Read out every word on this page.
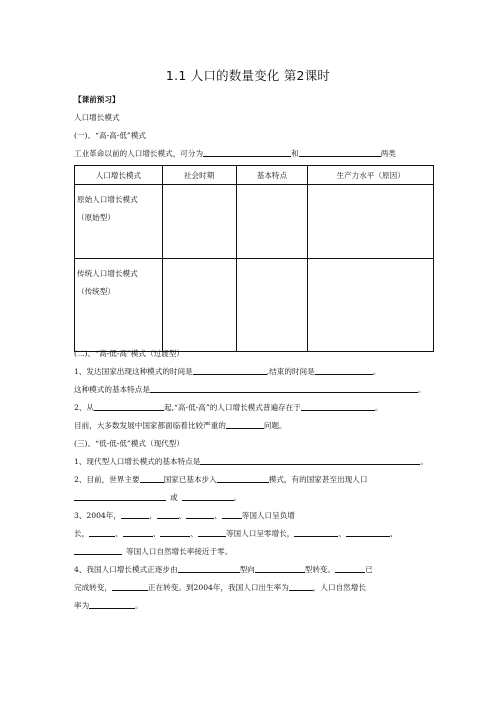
1.1 人口的数量变化 第2课时
【课前预习】
人口增长模式
(一)、“高-高-低”模式
工业革命以前的人口增长模式，可分为	和	两类
人口增长模式	社会时期	基本特点	生产力水平（原因）

原始人口增长模式
（原始型）			

传统人口增长模式
（传统型）			

(二)、“高-低-高”模式（过渡型）
1、发达国家出现这种模式的时间是	,结束的时间是	。
这种模式的基本特点是	。
2、从	起,“高-低-高”的人口增长模式普遍存在于	。
目前，大多数发展中国家都面临着比较严重的	问题。
(三)、“低-低-低”模式（现代型）
1、现代型人口增长模式的基本特点是	。
2、目前，世界主要	国家已基本步入	模式，有的国家甚至出现人口
或	。
3、2004年，	、	、	、	等国人口呈负增
长，	、	、	、	等国人口呈零增长，	、	、
等国人口自然增长率接近于零。
4、我国人口增长模式正逐步由	型向	型转变。	已
完成转变，	正在转变。到2004年，我国人口出生率为	，人口自然增长
率为	。
